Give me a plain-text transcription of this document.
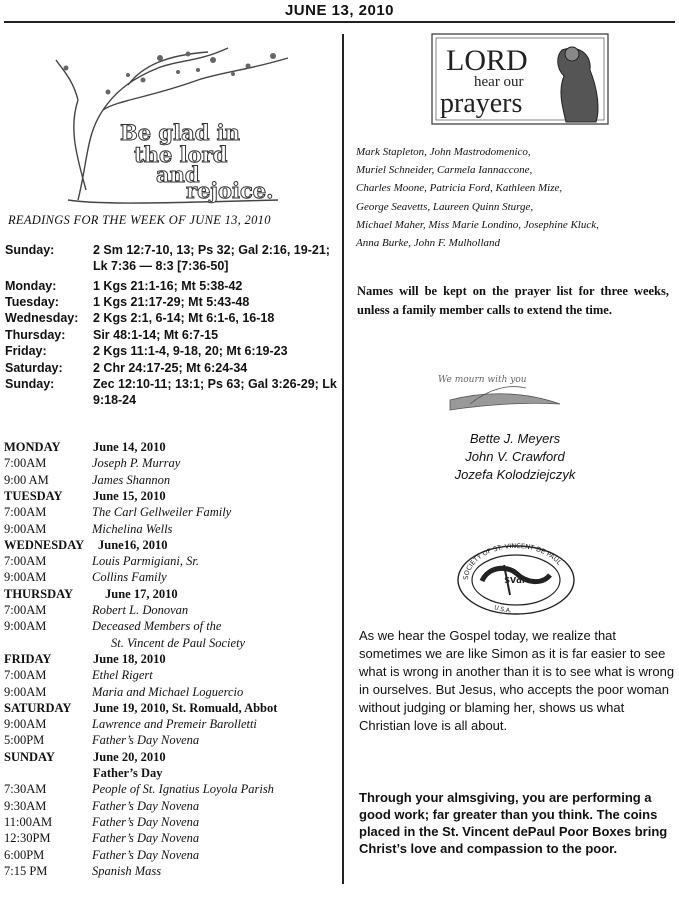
JUNE 13, 2010
Be glad in
the lord
and
rejoice.
READINGS FOR THE WEEK OF JUNE 13, 2010
Sunday:	2 Sm 12:7-10, 13; Ps 32; Gal 2:16, 19-21; Lk 7:36 — 8:3 [7:36-50]
Monday:	1 Kgs 21:1-16; Mt 5:38-42
Tuesday:	1 Kgs 21:17-29; Mt 5:43-48
Wednesday: 2 Kgs 2:1, 6-14; Mt 6:1-6, 16-18
Thursday: Sir 48:1-14; Mt 6:7-15
Friday:	2 Kgs 11:1-4, 9-18, 20; Mt 6:19-23
Saturday: 2 Chr 24:17-25; Mt 6:24-34
Sunday:	Zec 12:10-11; 13:1; Ps 63; Gal 3:26-29; Lk 9:18-24
MONDAY	June 14, 2010
7:00AM	Joseph P. Murray
9:00 AM	James Shannon
TUESDAY June 15, 2010
7:00AM	The Carl Gellweiler Family
9:00AM	Michelina Wells
WEDNESDAY June16, 2010
7:00AM	Louis Parmigiani, Sr.
9:00AM	Collins Family
THURSDAY	June 17, 2010
7:00AM	Robert L. Donovan
9:00AM	Deceased Members of the
St. Vincent de Paul Society
FRIDAY	June 18, 2010
7:00AM	Ethel Rigert
9:00AM	Maria and Michael Loguercio
SATURDAY June 19, 2010, St. Romuald, Abbot
9:00AM	Lawrence and Premeir Barolletti
5:00PM	Father’s Day Novena
SUNDAY	June 20, 2010
Father’s Day
7:30AM	People of St. Ignatius Loyola Parish
9:30AM	Father’s Day Novena
11:00AM	Father’s Day Novena
12:30PM	Father’s Day Novena
6:00PM	Father’s Day Novena
7:15 PM	Spanish Mass
LORD
hear our
prayers
Mark Stapleton, John Mastrodomenico,
Muriel Schneider, Carmela Iannaccone,
Charles Moone, Patricia Ford, Kathleen Mize,
George Seavetts, Laureen Quinn Sturge,
Michael Maher, Miss Marie Londino, Josephine Kluck,
Anna Burke, John F. Mulholland
Names will be kept on the prayer list for three weeks, unless a family member calls to extend the time.
We mourn with you
Bette J. Meyers
John V. Crawford
Jozefa Kolodziejczyk
SOCIETY OF ST. VINCENT DE PAUL
U.S.A.
SVdP
As we hear the Gospel today, we realize that sometimes we are like Simon as it is far easier to see what is wrong in another than it is to see what is wrong in ourselves. But Jesus, who accepts the poor woman without judging or blaming her, shows us what Christian love is all about.
Through your almsgiving, you are performing a good work; far greater than you think. The coins placed in the St. Vincent dePaul Poor Boxes bring Christ’s love and compassion to the poor.
